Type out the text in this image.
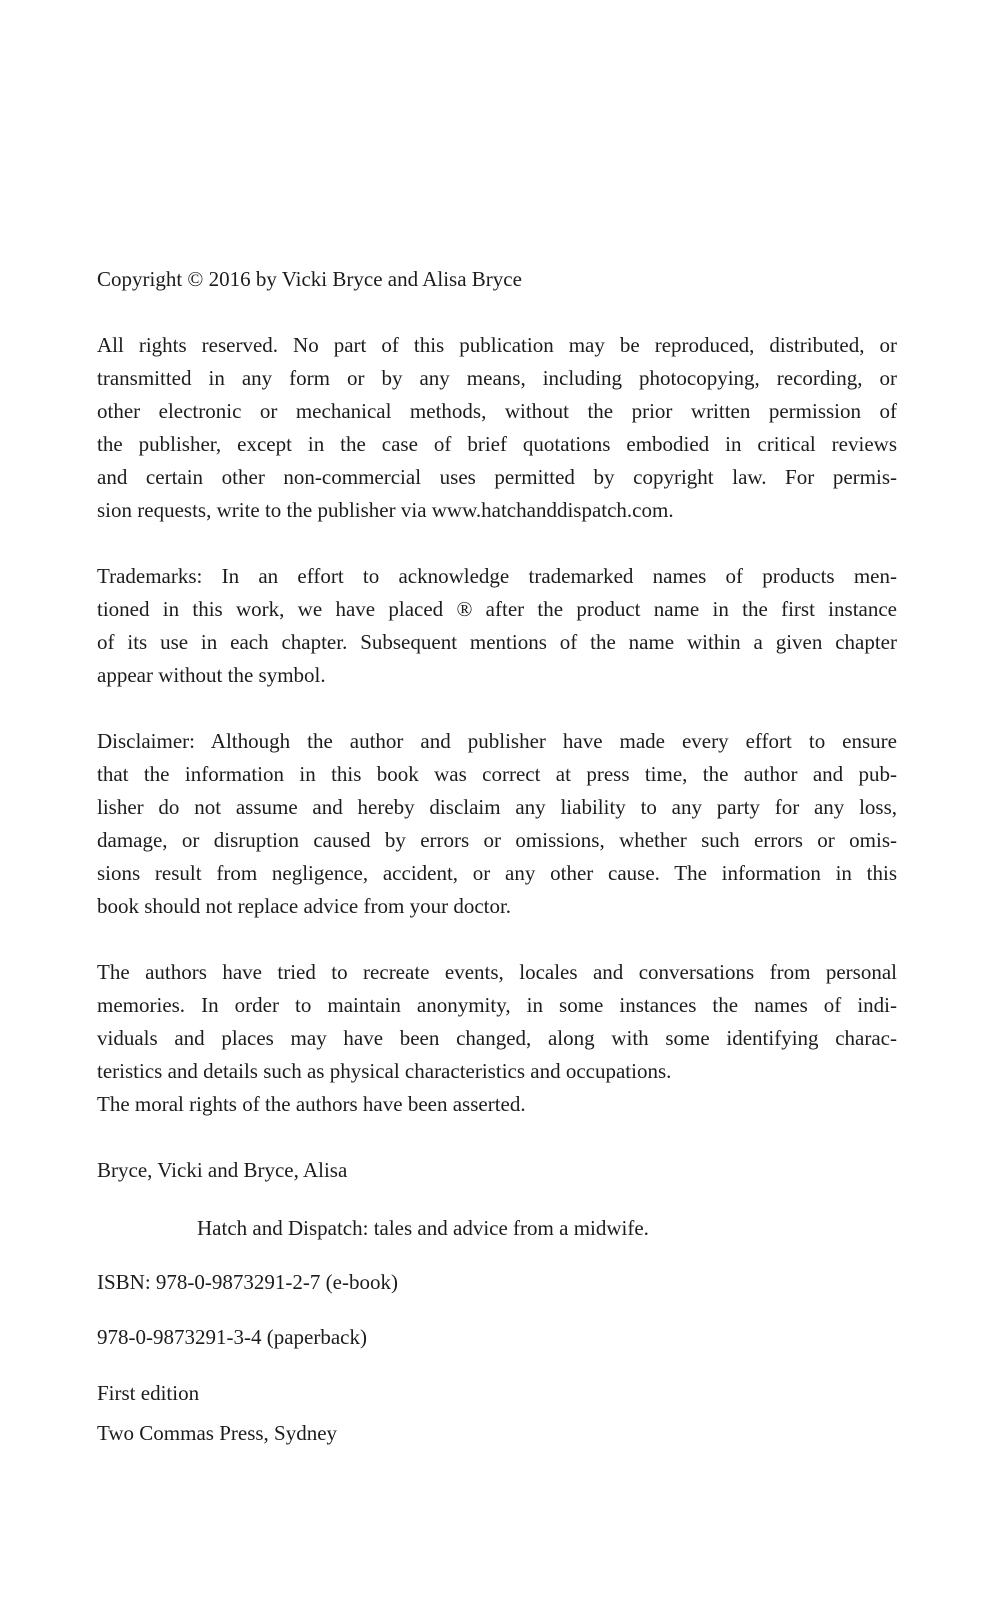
Copyright © 2016 by Vicki Bryce and Alisa Bryce
All rights reserved. No part of this publication may be reproduced, distributed, or
transmitted in any form or by any means, including photocopying, recording, or
other electronic or mechanical methods, without the prior written permission of
the publisher, except in the case of brief quotations embodied in critical reviews
and certain other non-commercial uses permitted by copyright law. For permis-
sion requests, write to the publisher via www.hatchanddispatch.com.
Trademarks: In an effort to acknowledge trademarked names of products men-
tioned in this work, we have placed ® after the product name in the first instance
of its use in each chapter. Subsequent mentions of the name within a given chapter
appear without the symbol.
Disclaimer: Although the author and publisher have made every effort to ensure
that the information in this book was correct at press time, the author and pub-
lisher do not assume and hereby disclaim any liability to any party for any loss,
damage, or disruption caused by errors or omissions, whether such errors or omis-
sions result from negligence, accident, or any other cause. The information in this
book should not replace advice from your doctor.
The authors have tried to recreate events, locales and conversations from personal
memories. In order to maintain anonymity, in some instances the names of indi-
viduals and places may have been changed, along with some identifying charac-
teristics and details such as physical characteristics and occupations.
The moral rights of the authors have been asserted.
Bryce, Vicki and Bryce, Alisa
Hatch and Dispatch: tales and advice from a midwife.
ISBN: 978-0-9873291-2-7 (e-book)
978-0-9873291-3-4 (paperback)
First edition
Two Commas Press, Sydney
